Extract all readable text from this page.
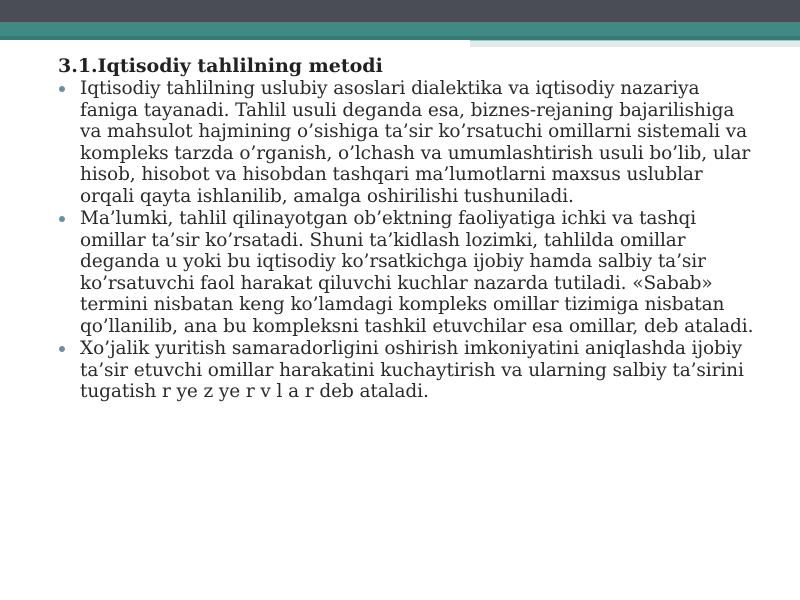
3.1.Iqtisodiy tahlilning metodi
Iqtisodiy tahlilning uslubiy asoslari dialektika va iqtisodiy nazariya faniga tayanadi. Tahlil usuli deganda esa, biznes-rejaning bajarilishiga va mahsulot hajmining o’sishiga ta’sir ko’rsatuchi omillarni sistemali va kompleks tarzda o’rganish, o’lchash va umumlashtirish usuli bo’lib, ular hisob, hisobot va hisobdan tashqari ma’lumotlarni maxsus uslublar orqali qayta ishlanilib, amalga oshirilishi tushuniladi.
Ma’lumki, tahlil qilinayotgan ob’ektning faoliyatiga ichki va tashqi omillar ta’sir ko’rsatadi. Shuni ta’kidlash lozimki, tahlilda omillar deganda u yoki bu iqtisodiy ko’rsatkichga ijobiy hamda salbiy ta’sir ko’rsatuvchi faol harakat qiluvchi kuchlar nazarda tutiladi. «Sabab» termini nisbatan keng ko’lamdagi kompleks omillar tizimiga nisbatan qo’llanilib, ana bu kompleksni tashkil etuvchilar esa omillar, deb ataladi.
Xo’jalik yuritish samaradorligini oshirish imkoniyatini aniqlashda ijobiy ta’sir etuvchi omillar harakatini kuchaytirish va ularning salbiy ta’sirini tugatish r ye z ye r v l a r deb ataladi.
